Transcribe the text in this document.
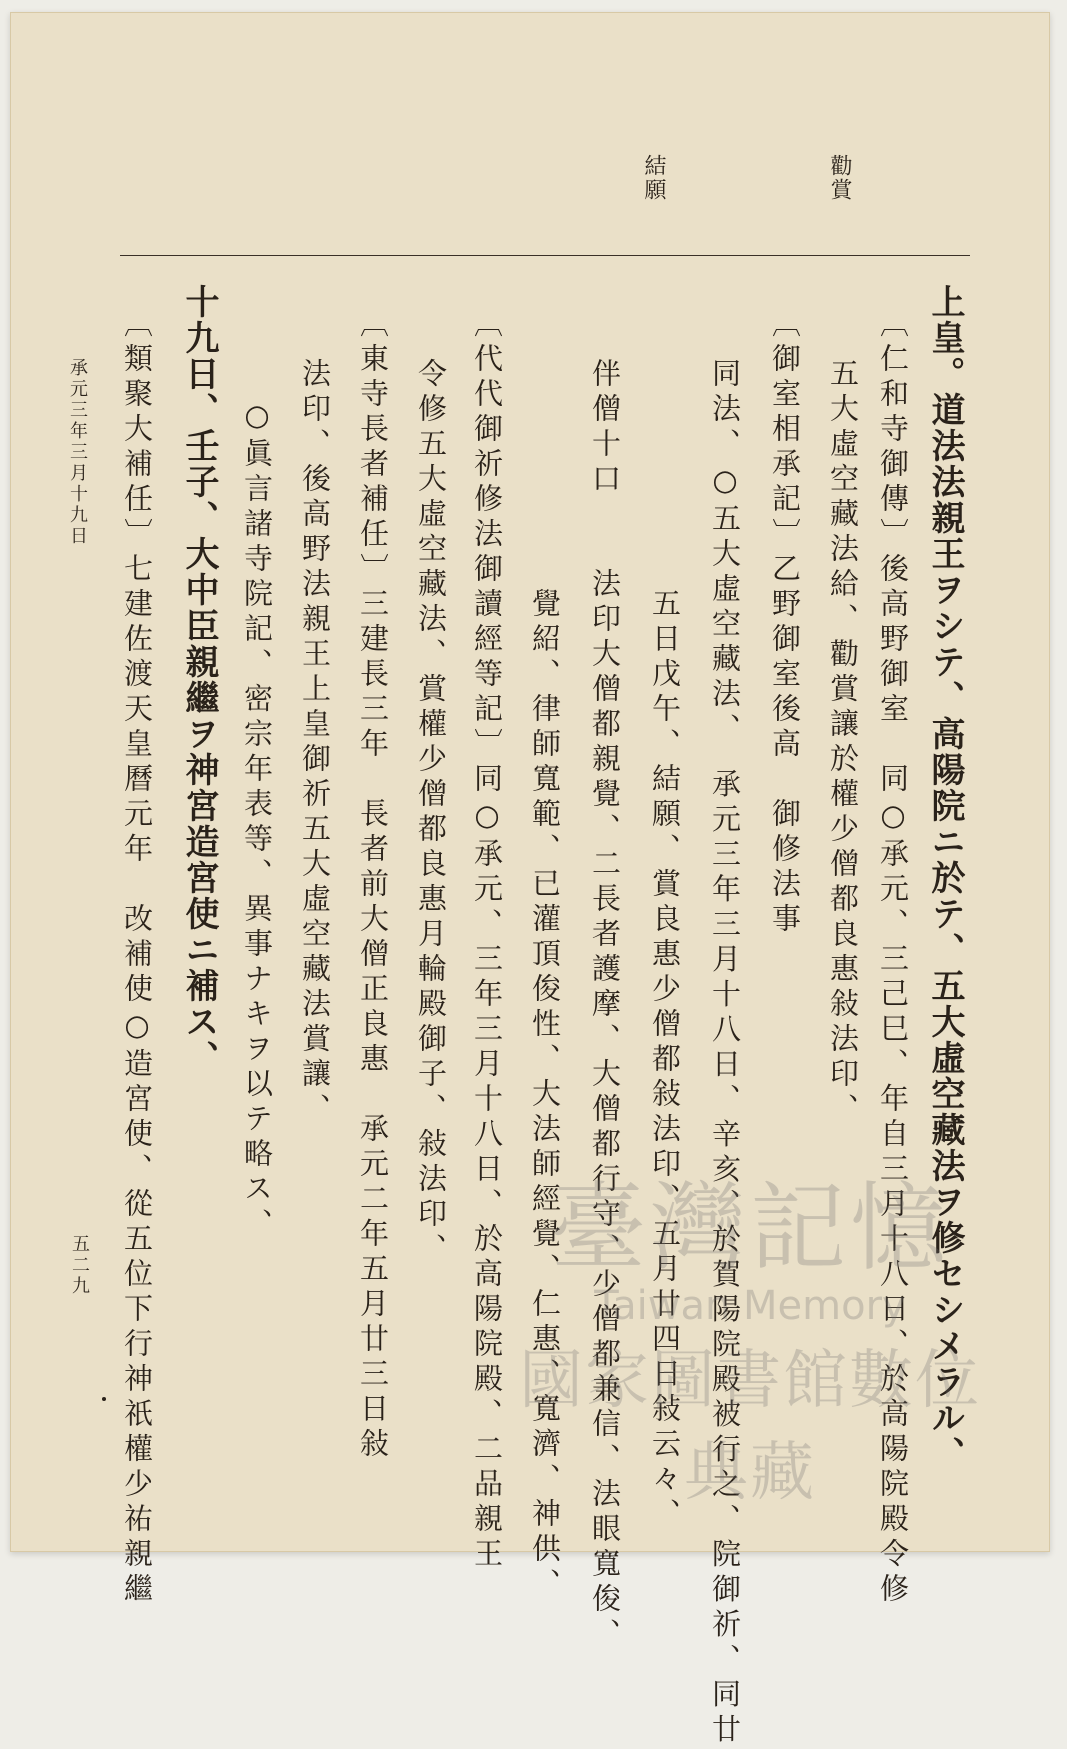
勸賞
結願
上皇。道法法親王ヲシテ、高陽院ニ於テ、五大虛空藏法ヲ修セシメラル、
〔仁和寺御傳〕後高野御室　同○承元、三己巳、年自三月十八日、於高陽院殿令修
五大虛空藏法給、勸賞讓於權少僧都良惠敍法印、
〔御室相承記〕乙野御室後高　御修法事
同法、○五大虛空藏法、　承元三年三月十八日、辛亥、於賀陽院殿被行之、院御祈、同廿
五日戊午、結願、賞良惠少僧都敍法印、五月廿四日敍云々、
伴僧十口　　法印大僧都親覺、二長者護摩、大僧都行守、少僧都兼信、法眼寬俊、
覺紹、律師寬範、已灌頂俊性、大法師經覺、仁惠、寬濟、神供、
〔代代御祈修法御讀經等記〕同○承元、三年三月十八日、於高陽院殿、二品親王
令修五大虛空藏法、賞權少僧都良惠月輪殿御子、敍法印、
〔東寺長者補任〕三建長三年　長者前大僧正良惠　承元二年五月廿三日敍
法印、後高野法親王上皇御祈五大虛空藏法賞讓、
○眞言諸寺院記、密宗年表等、異事ナキヲ以テ略ス、
十九日、壬子、大中臣親繼ヲ神宮造宮使ニ補ス、
〔類聚大補任〕七建佐渡天皇曆元年　改補使○造宮使、從五位下行神祇權少祐親繼
承元三年三月十九日
五二九	臺灣記憶
Taiwan Memory
國家圖書館數位典藏
